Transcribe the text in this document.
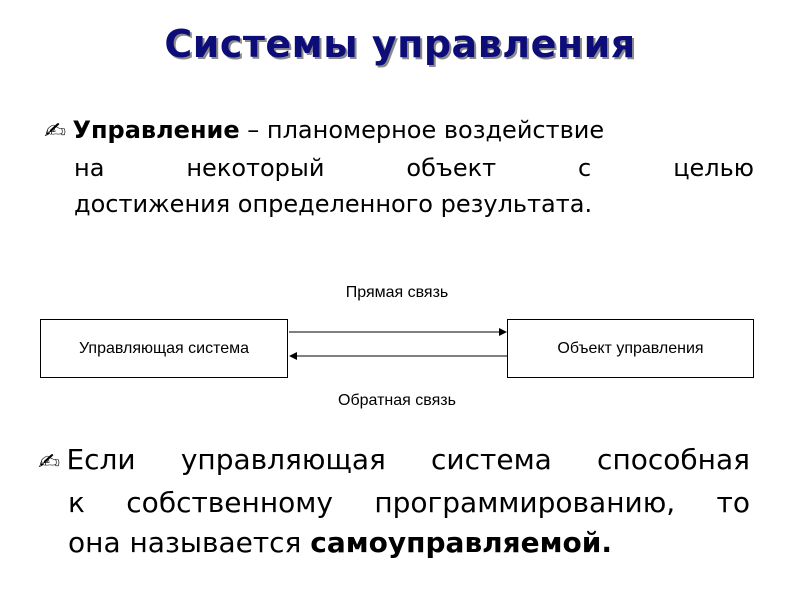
Системы управления
✍ Управление – планомерное воздействие
на некоторый объект с целью
достижения определенного результата.
Прямая связь
Управляющая система	Объект управления
Обратная связь
✍ Если управляющая система способная
к собственному программированию, то
она называется самоуправляемой.
